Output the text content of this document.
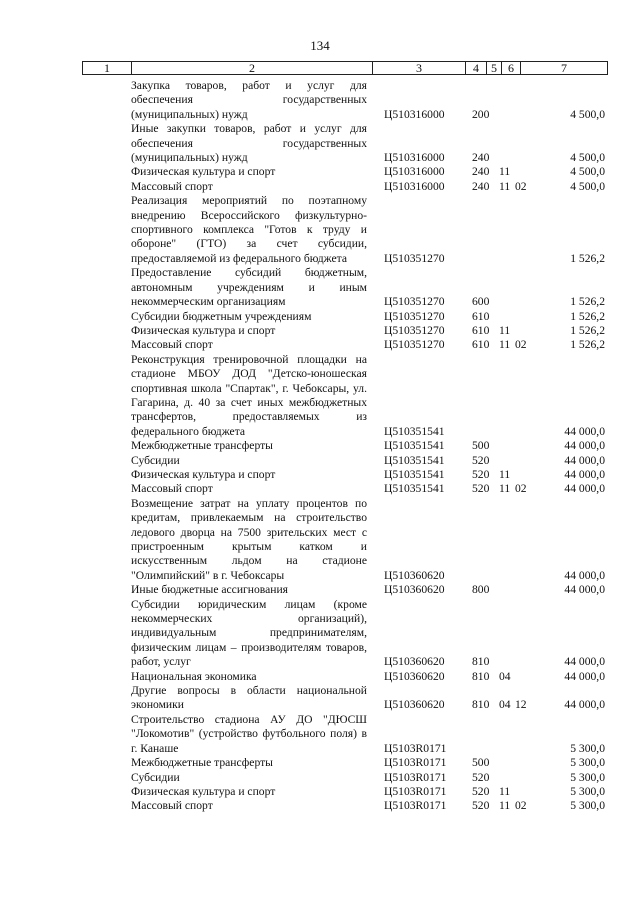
134
1	2	3	4	5 6	7
Закупка товаров, работ и услуг для обеспечения государственных (муниципальных) нужд	Ц510316000 200	4 500,0
Иные закупки товаров, работ и услуг для обеспечения государственных (муниципальных) нужд	Ц510316000 240	4 500,0
Физическая культура и спорт	Ц510316000 240 11	4 500,0
Массовый спорт	Ц510316000 240 11 02	4 500,0
Реализация мероприятий по поэтапному внедрению Всероссийского физкультурно-спортивного комплекса "Готов к труду и обороне" (ГТО) за счет субсидии, предоставляемой из федерального бюджета	Ц510351270	1 526,2
Предоставление субсидий бюджетным, автономным учреждениям и иным некоммерческим организациям	Ц510351270 600	1 526,2
Субсидии бюджетным учреждениям	Ц510351270 610	1 526,2
Физическая культура и спорт	Ц510351270 610 11	1 526,2
Массовый спорт	Ц510351270 610 11 02	1 526,2
Реконструкция тренировочной площадки на стадионе МБОУ ДОД "Детско-юношеская спортивная школа "Спартак", г. Чебоксары, ул. Гагарина, д. 40 за счет иных межбюджетных трансфертов, предоставляемых из федерального бюджета	Ц510351541	44 000,0
Межбюджетные трансферты	Ц510351541 500	44 000,0
Субсидии	Ц510351541 520	44 000,0
Физическая культура и спорт	Ц510351541 520 11	44 000,0
Массовый спорт	Ц510351541 520 11 02	44 000,0
Возмещение затрат на уплату процентов по кредитам, привлекаемым на строительство ледового дворца на 7500 зрительских мест с пристроенным крытым катком и искусственным льдом на стадионе "Олимпийский" в г. Чебоксары	Ц510360620	44 000,0
Иные бюджетные ассигнования	Ц510360620 800	44 000,0
Субсидии юридическим лицам (кроме некоммерческих организаций), индивидуальным предпринимателям, физическим лицам – производителям товаров, работ, услуг	Ц510360620 810	44 000,0
Национальная экономика	Ц510360620 810 04	44 000,0
Другие вопросы в области национальной экономики	Ц510360620 810 04 12	44 000,0
Строительство стадиона АУ ДО "ДЮСШ "Локомотив" (устройство футбольного поля) в г. Канаше	Ц5103R0171	5 300,0
Межбюджетные трансферты	Ц5103R0171 500	5 300,0
Субсидии	Ц5103R0171 520	5 300,0
Физическая культура и спорт	Ц5103R0171 520 11	5 300,0
Массовый спорт	Ц5103R0171 520 11 02	5 300,0
